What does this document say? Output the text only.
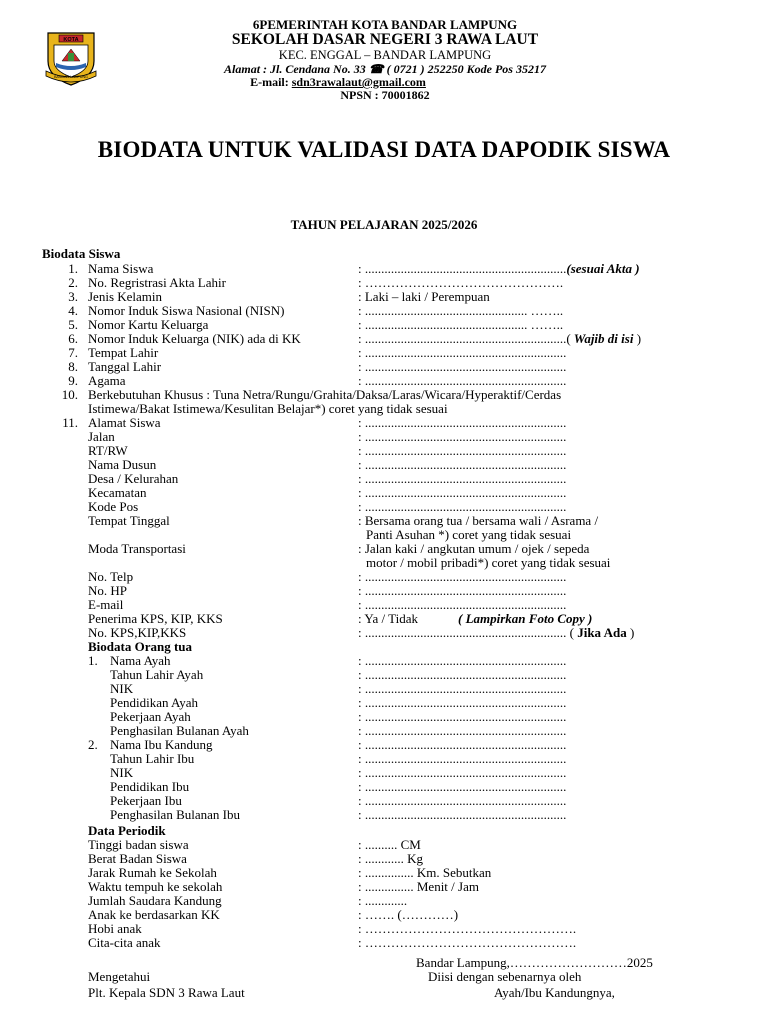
KOTA
BANDAR LAMPUNG
6PEMERINTAH KOTA BANDAR LAMPUNG
SEKOLAH DASAR NEGERI 3 RAWA LAUT
KEC. ENGGAL – BANDAR LAMPUNG
Alamat : Jl. Cendana No. 33 ☎ ( 0721 ) 252250 Kode Pos 35217
E-mail: sdn3rawalaut@gmail.com
NPSN : 70001862
BIODATA UNTUK VALIDASI DATA DAPODIK SISWA
TAHUN PELAJARAN 2025/2026
Biodata Siswa
1. Nama Siswa	: ..............................................................(sesuai Akta )
2. No. Regristrasi Akta Lahir	: ……………………………………….
3. Jenis Kelamin	: Laki – laki / Perempuan
4. Nomor Induk Siswa Nasional (NISN)	: .................................................. ……..
5. Nomor Kartu Keluarga	: .................................................. ……..
6. Nomor Induk Keluarga (NIK) ada di KK	: ..............................................................( Wajib di isi )
7. Tempat Lahir	: ..............................................................
8. Tanggal Lahir	: ..............................................................
9. Agama	: ..............................................................
10. Berkebutuhan Khusus : Tuna Netra/Rungu/Grahita/Daksa/Laras/Wicara/Hyperaktif/Cerdas
Istimewa/Bakat Istimewa/Kesulitan Belajar*) coret yang tidak sesuai
11. Alamat Siswa	: ..............................................................
Jalan	: ..............................................................
RT/RW	: ..............................................................
Nama Dusun	: ..............................................................
Desa / Kelurahan	: ..............................................................
Kecamatan	: ..............................................................
Kode Pos	: ..............................................................
Tempat Tinggal	: Bersama orang tua / bersama wali / Asrama /
Panti Asuhan *) coret yang tidak sesuai
Moda Transportasi	: Jalan kaki / angkutan umum / ojek / sepeda
motor / mobil pribadi*) coret yang tidak sesuai
No. Telp	: ..............................................................
No. HP	: ..............................................................
E-mail	: ..............................................................
Penerima KPS, KIP, KKS	: Ya / Tidak	( Lampirkan Foto Copy )
No. KPS,KIP,KKS	: .............................................................. ( Jika Ada )
Biodata Orang tua
1. Nama Ayah	: ..............................................................
Tahun Lahir Ayah	: ..............................................................
NIK	: ..............................................................
Pendidikan Ayah	: ..............................................................
Pekerjaan Ayah	: ..............................................................
Penghasilan Bulanan Ayah	: ..............................................................
2. Nama Ibu Kandung	: ..............................................................
Tahun Lahir Ibu	: ..............................................................
NIK	: ..............................................................
Pendidikan Ibu	: ..............................................................
Pekerjaan Ibu	: ..............................................................
Penghasilan Bulanan Ibu	: ..............................................................
Data Periodik
Tinggi badan siswa	: .......... CM
Berat Badan Siswa	: ............ Kg
Jarak Rumah ke Sekolah	: ............... Km. Sebutkan
Waktu tempuh ke sekolah	: ............... Menit / Jam
Jumlah Saudara Kandung	: .............
Anak ke berdasarkan KK	: ……. (…………)
Hobi anak	: ………………………………………….
Cita-cita anak	: ………………………………………….
Bandar Lampung,………………………2025
Mengetahui	Diisi dengan sebenarnya oleh
Plt. Kepala SDN 3 Rawa Laut	Ayah/Ibu Kandungnya,
